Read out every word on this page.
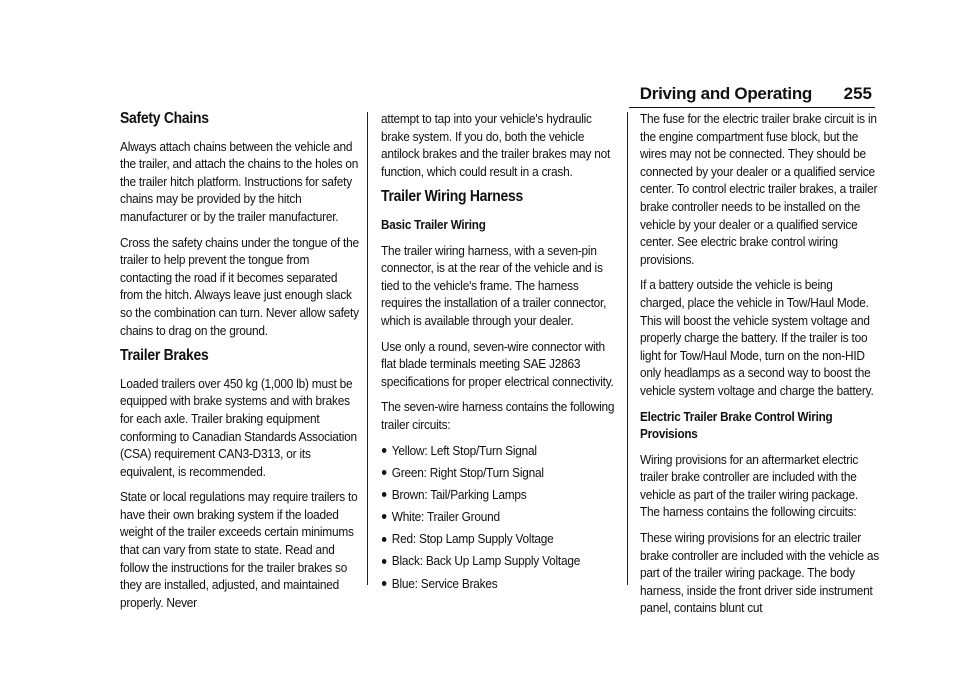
Driving and Operating 255
Safety Chains

Always attach chains between the vehicle and the trailer, and attach the chains to the holes on the trailer hitch platform. Instructions for safety chains may be provided by the hitch manufacturer or by the trailer manufacturer.

Cross the safety chains under the tongue of the trailer to help prevent the tongue from contacting the road if it becomes separated from the hitch. Always leave just enough slack so the combination can turn. Never allow safety chains to drag on the ground.

Trailer Brakes

Loaded trailers over 450 kg (1,000 lb) must be equipped with brake systems and with brakes for each axle. Trailer braking equipment conforming to Canadian Standards Association (CSA) requirement CAN3-D313, or its equivalent, is recommended.

State or local regulations may require trailers to have their own braking system if the loaded weight of the trailer exceeds certain minimums that can vary from state to state. Read and follow the instructions for the trailer brakes so they are installed, adjusted, and maintained properly. Never

attempt to tap into your vehicle's hydraulic brake system. If you do, both the vehicle antilock brakes and the trailer brakes may not function, which could result in a crash.

Trailer Wiring Harness
Basic Trailer Wiring

The trailer wiring harness, with a seven-pin connector, is at the rear of the vehicle and is tied to the vehicle's frame. The harness requires the installation of a trailer connector, which is available through your dealer.

Use only a round, seven-wire connector with flat blade terminals meeting SAE J2863 specifications for proper electrical connectivity.

The seven-wire harness contains the following trailer circuits:

Yellow: Left Stop/Turn Signal
Green: Right Stop/Turn Signal
Brown: Tail/Parking Lamps
White: Trailer Ground
Red: Stop Lamp Supply Voltage
Black: Back Up Lamp Supply Voltage
Blue: Service Brakes

The fuse for the electric trailer brake circuit is in the engine compartment fuse block, but the wires may not be connected. They should be connected by your dealer or a qualified service center. To control electric trailer brakes, a trailer brake controller needs to be installed on the vehicle by your dealer or a qualified service center. See electric brake control wiring provisions.

If a battery outside the vehicle is being charged, place the vehicle in Tow/Haul Mode. This will boost the vehicle system voltage and properly charge the battery. If the trailer is too light for Tow/Haul Mode, turn on the non-HID only headlamps as a second way to boost the vehicle system voltage and charge the battery.

Electric Trailer Brake Control Wiring Provisions

Wiring provisions for an aftermarket electric trailer brake controller are included with the vehicle as part of the trailer wiring package. The harness contains the following circuits:

These wiring provisions for an electric trailer brake controller are included with the vehicle as part of the trailer wiring package. The body harness, inside the front driver side instrument panel, contains blunt cut
